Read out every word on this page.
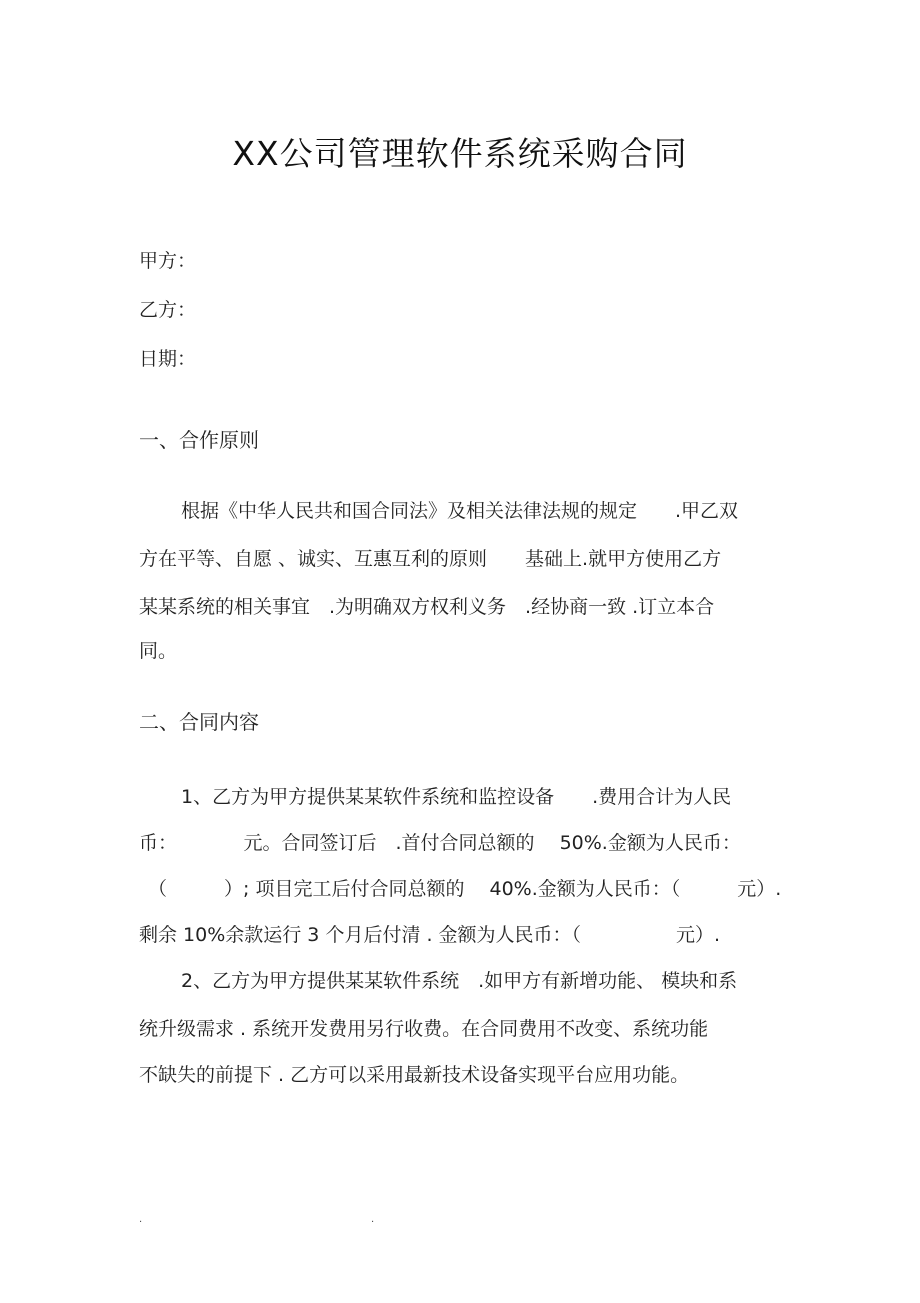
XX公司管理软件系统采购合同
甲方：
乙方：
日期：
一、合作原则
根据《中华人民共和国合同法》及相关法律法规的规定　　.甲乙双
方在平等、自愿 、诚实、互惠互利的原则　　基础上.就甲方使用乙方
某某系统的相关事宜　.为明确双方权利义务　.经协商一致 .订立本合
同。
二、合同内容
1、乙方为甲方提供某某软件系统和监控设备　　.费用合计为人民
币：　　　　元。合同签订后　.首付合同总额的　 50%.金额为人民币：
（　　　）; 项目完工后付合同总额的　 40%.金额为人民币：（　　　元）.
剩余 10%余款运行 3 个月后付清 . 金额为人民币：（　　　　　元）.
2、乙方为甲方提供某某软件系统　.如甲方有新增功能、 模块和系
统升级需求 . 系统开发费用另行收费。在合同费用不改变、系统功能
不缺失的前提下 . 乙方可以采用最新技术设备实现平台应用功能。
.	.
